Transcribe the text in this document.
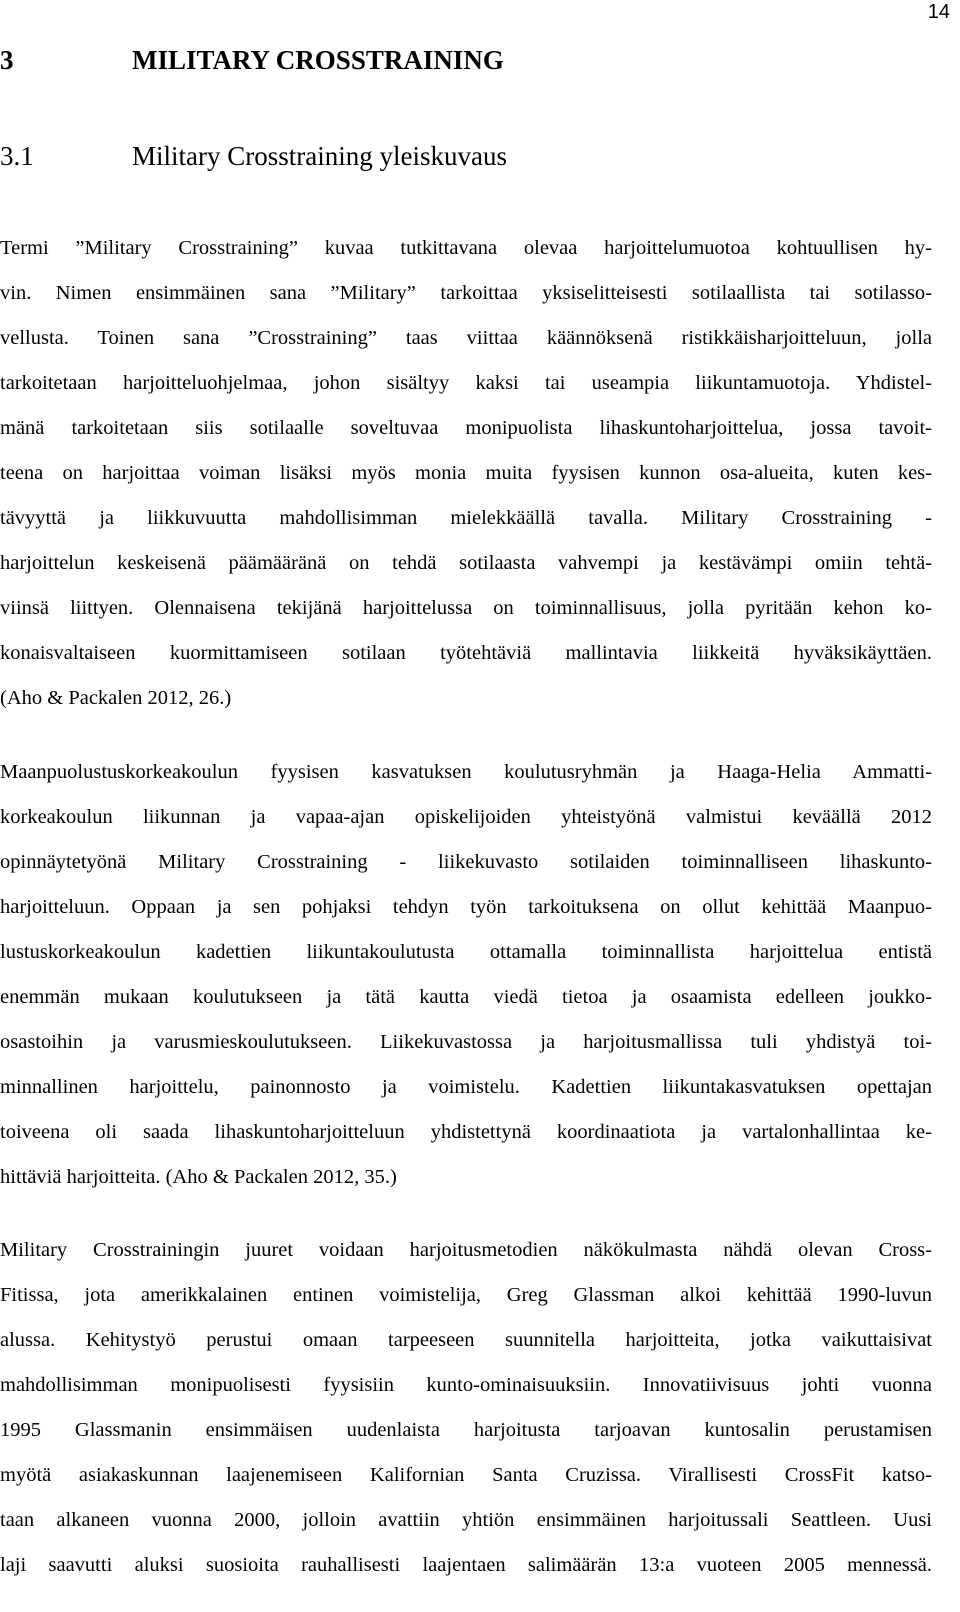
14
3	MILITARY CROSSTRAINING
3.1	Military Crosstraining yleiskuvaus
Termi ”Military Crosstraining” kuvaa tutkittavana olevaa harjoittelumuotoa kohtuullisen hy-
vin. Nimen ensimmäinen sana ”Military” tarkoittaa yksiselitteisesti sotilaallista tai sotilasso-
vellusta. Toinen sana ”Crosstraining” taas viittaa käännöksenä ristikkäisharjoitteluun, jolla
tarkoitetaan harjoitteluohjelmaa, johon sisältyy kaksi tai useampia liikuntamuotoja. Yhdistel-
mänä tarkoitetaan siis sotilaalle soveltuvaa monipuolista lihaskuntoharjoittelua, jossa tavoit-
teena on harjoittaa voiman lisäksi myös monia muita fyysisen kunnon osa-alueita, kuten kes-
tävyyttä ja liikkuvuutta mahdollisimman mielekkäällä tavalla. Military Crosstraining -
harjoittelun keskeisenä päämääränä on tehdä sotilaasta vahvempi ja kestävämpi omiin tehtä-
viinsä liittyen. Olennaisena tekijänä harjoittelussa on toiminnallisuus, jolla pyritään kehon ko-
konaisvaltaiseen kuormittamiseen sotilaan työtehtäviä mallintavia liikkeitä hyväksikäyttäen.
(Aho & Packalen 2012, 26.)
Maanpuolustuskorkeakoulun fyysisen kasvatuksen koulutusryhmän ja Haaga-Helia Ammatti-
korkeakoulun liikunnan ja vapaa-ajan opiskelijoiden yhteistyönä valmistui keväällä 2012
opinnäytetyönä Military Crosstraining - liikekuvasto sotilaiden toiminnalliseen lihaskunto-
harjoitteluun. Oppaan ja sen pohjaksi tehdyn työn tarkoituksena on ollut kehittää Maanpuo-
lustuskorkeakoulun kadettien liikuntakoulutusta ottamalla toiminnallista harjoittelua entistä
enemmän mukaan koulutukseen ja tätä kautta viedä tietoa ja osaamista edelleen joukko-
osastoihin ja varusmieskoulutukseen. Liikekuvastossa ja harjoitusmallissa tuli yhdistyä toi-
minnallinen harjoittelu, painonnosto ja voimistelu. Kadettien liikuntakasvatuksen opettajan
toiveena oli saada lihaskuntoharjoitteluun yhdistettynä koordinaatiota ja vartalonhallintaa ke-
hittäviä harjoitteita. (Aho & Packalen 2012, 35.)
Military Crosstrainingin juuret voidaan harjoitusmetodien näkökulmasta nähdä olevan Cross-
Fitissa, jota amerikkalainen entinen voimistelija, Greg Glassman alkoi kehittää 1990-luvun
alussa. Kehitystyö perustui omaan tarpeeseen suunnitella harjoitteita, jotka vaikuttaisivat
mahdollisimman monipuolisesti fyysisiin kunto-ominaisuuksiin. Innovatiivisuus johti vuonna
1995 Glassmanin ensimmäisen uudenlaista harjoitusta tarjoavan kuntosalin perustamisen
myötä asiakaskunnan laajenemiseen Kalifornian Santa Cruzissa. Virallisesti CrossFit katso-
taan alkaneen vuonna 2000, jolloin avattiin yhtiön ensimmäinen harjoitussali Seattleen. Uusi
laji saavutti aluksi suosioita rauhallisesti laajentaen salimäärän 13:a vuoteen 2005 mennessä.
